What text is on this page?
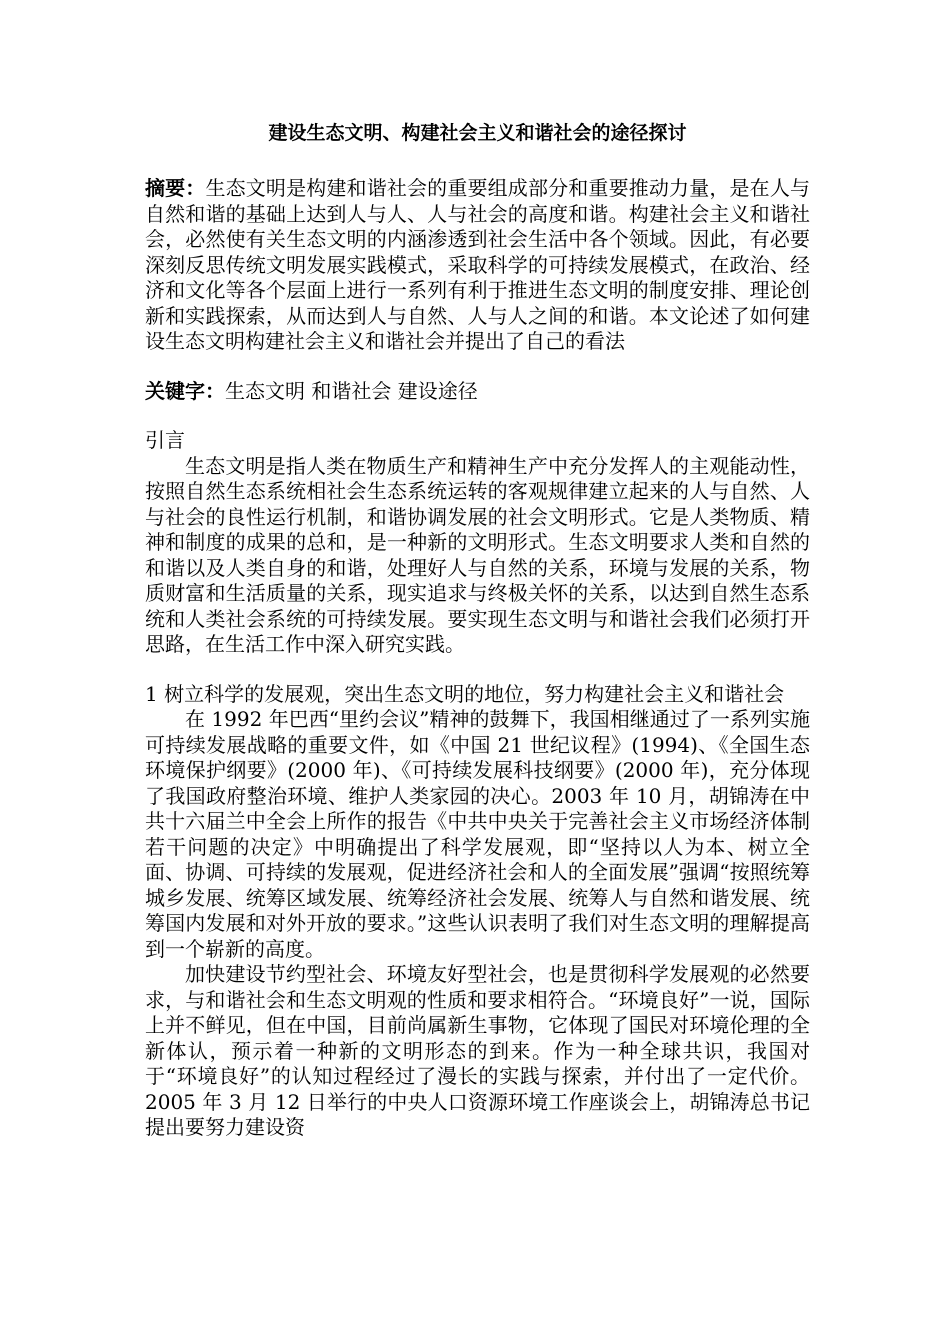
建设生态文明、构建社会主义和谐社会的途径探讨

摘要：生态文明是构建和谐社会的重要组成部分和重要推动力量，是在人与自然和谐的基础上达到人与人、人与社会的高度和谐。构建社会主义和谐社会，必然使有关生态文明的内涵渗透到社会生活中各个领域。因此，有必要深刻反思传统文明发展实践模式，采取科学的可持续发展模式，在政治、经济和文化等各个层面上进行一系列有利于推进生态文明的制度安排、理论创新和实践探索，从而达到人与自然、人与人之间的和谐。本文论述了如何建设生态文明构建社会主义和谐社会并提出了自己的看法

关键字：生态文明 和谐社会 建设途径

引言

生态文明是指人类在物质生产和精神生产中充分发挥人的主观能动性，按照自然生态系统相社会生态系统运转的客观规律建立起来的人与自然、人与社会的良性运行机制，和谐协调发展的社会文明形式。它是人类物质、精神和制度的成果的总和，是一种新的文明形式。生态文明要求人类和自然的和谐以及人类自身的和谐，处理好人与自然的关系，环境与发展的关系，物质财富和生活质量的关系，现实追求与终极关怀的关系，以达到自然生态系统和人类社会系统的可持续发展。要实现生态文明与和谐社会我们必须打开思路，在生活工作中深入研究实践。

1 树立科学的发展观，突出生态文明的地位，努力构建社会主义和谐社会

在 1992 年巴西“里约会议”精神的鼓舞下，我国相继通过了一系列实施可持续发展战略的重要文件，如《中国 21 世纪议程》(1994)、《全国生态环境保护纲要》(2000 年)、《可持续发展科技纲要》(2000 年)，充分体现了我国政府整治环境、维护人类家园的决心。2003 年 10 月，胡锦涛在中共十六届兰中全会上所作的报告《中共中央关于完善社会主义市场经济体制若干问题的决定》中明确提出了科学发展观，即“坚持以人为本、树立全面、协调、可持续的发展观，促进经济社会和人的全面发展”强调“按照统筹城乡发展、统筹区域发展、统筹经济社会发展、统筹人与自然和谐发展、统筹国内发展和对外开放的要求。”这些认识表明了我们对生态文明的理解提高到一个崭新的高度。

加快建设节约型社会、环境友好型社会，也是贯彻科学发展观的必然要求，与和谐社会和生态文明观的性质和要求相符合。“环境良好”一说，国际上并不鲜见，但在中国，目前尚属新生事物，它体现了国民对环境伦理的全新体认，预示着一种新的文明形态的到来。作为一种全球共识，我国对于“环境良好”的认知过程经过了漫长的实践与探索，并付出了一定代价。2005 年 3 月 12 日举行的中央人口资源环境工作座谈会上，胡锦涛总书记提出要努力建设资
